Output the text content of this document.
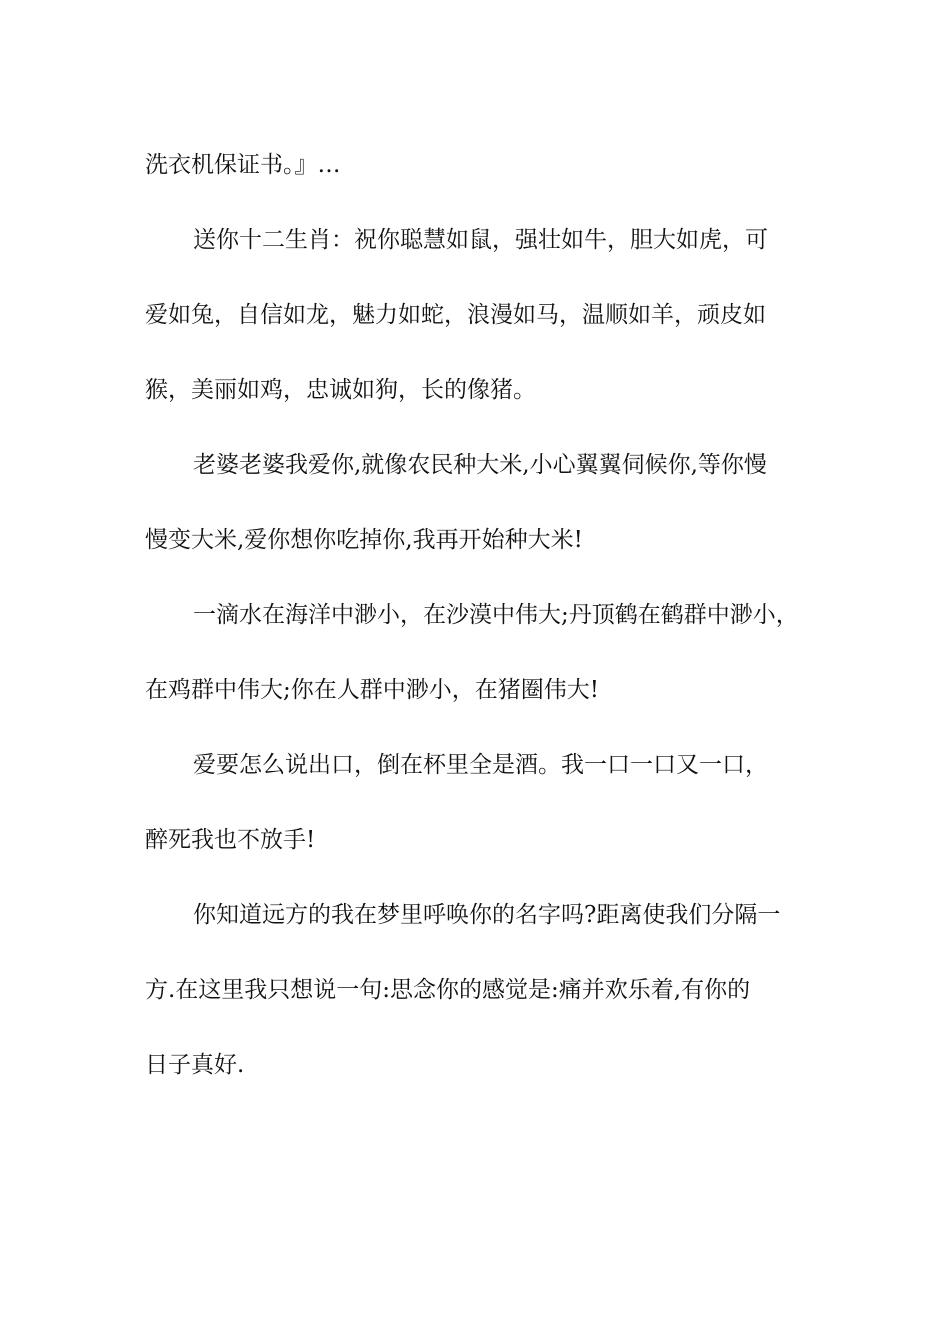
洗衣机保证书。』…
送你十二生肖：祝你聪慧如鼠，强壮如牛，胆大如虎，可
爱如兔，自信如龙，魅力如蛇，浪漫如马，温顺如羊，顽皮如
猴，美丽如鸡，忠诚如狗，长的像猪。
老婆老婆我爱你,就像农民种大米,小心翼翼伺候你,等你慢
慢变大米,爱你想你吃掉你,我再开始种大米!
一滴水在海洋中渺小，在沙漠中伟大;丹顶鹤在鹤群中渺小，
在鸡群中伟大;你在人群中渺小，在猪圈伟大!
爱要怎么说出口，倒在杯里全是酒。我一口一口又一口，
醉死我也不放手!
你知道远方的我在梦里呼唤你的名字吗?距离使我们分隔一
方.在这里我只想说一句:思念你的感觉是:痛并欢乐着,有你的
日子真好.
